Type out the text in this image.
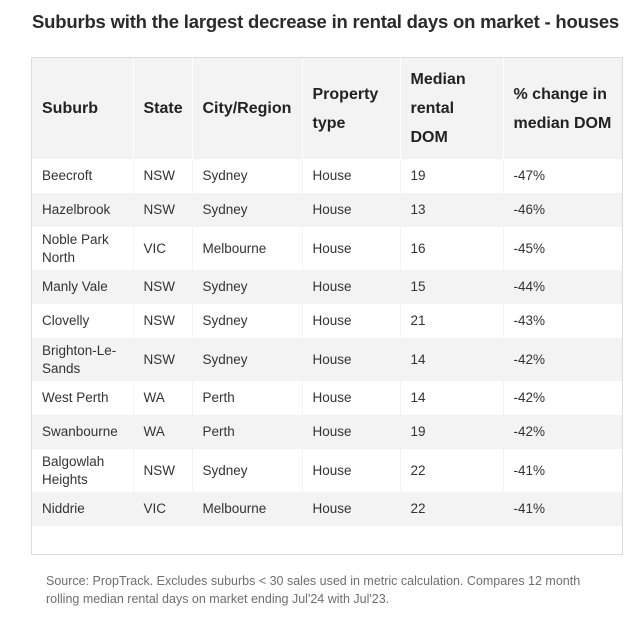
Suburbs with the largest decrease in rental days on market - houses
Suburb	State	City/Region	Property type	Median rental DOM	% change in median DOM
Beecroft	NSW	Sydney	House	19	-47%
Hazelbrook	NSW	Sydney	House	13	-46%
Noble Park North	VIC	Melbourne	House	16	-45%
Manly Vale	NSW	Sydney	House	15	-44%
Clovelly	NSW	Sydney	House	21	-43%
Brighton-Le-Sands	NSW	Sydney	House	14	-42%
West Perth	WA	Perth	House	14	-42%
Swanbourne	WA	Perth	House	19	-42%
Balgowlah Heights	NSW	Sydney	House	22	-41%
Niddrie	VIC	Melbourne	House	22	-41%
Source: PropTrack. Excludes suburbs < 30 sales used in metric calculation. Compares 12 month rolling median rental days on market ending Jul'24 with Jul'23.
